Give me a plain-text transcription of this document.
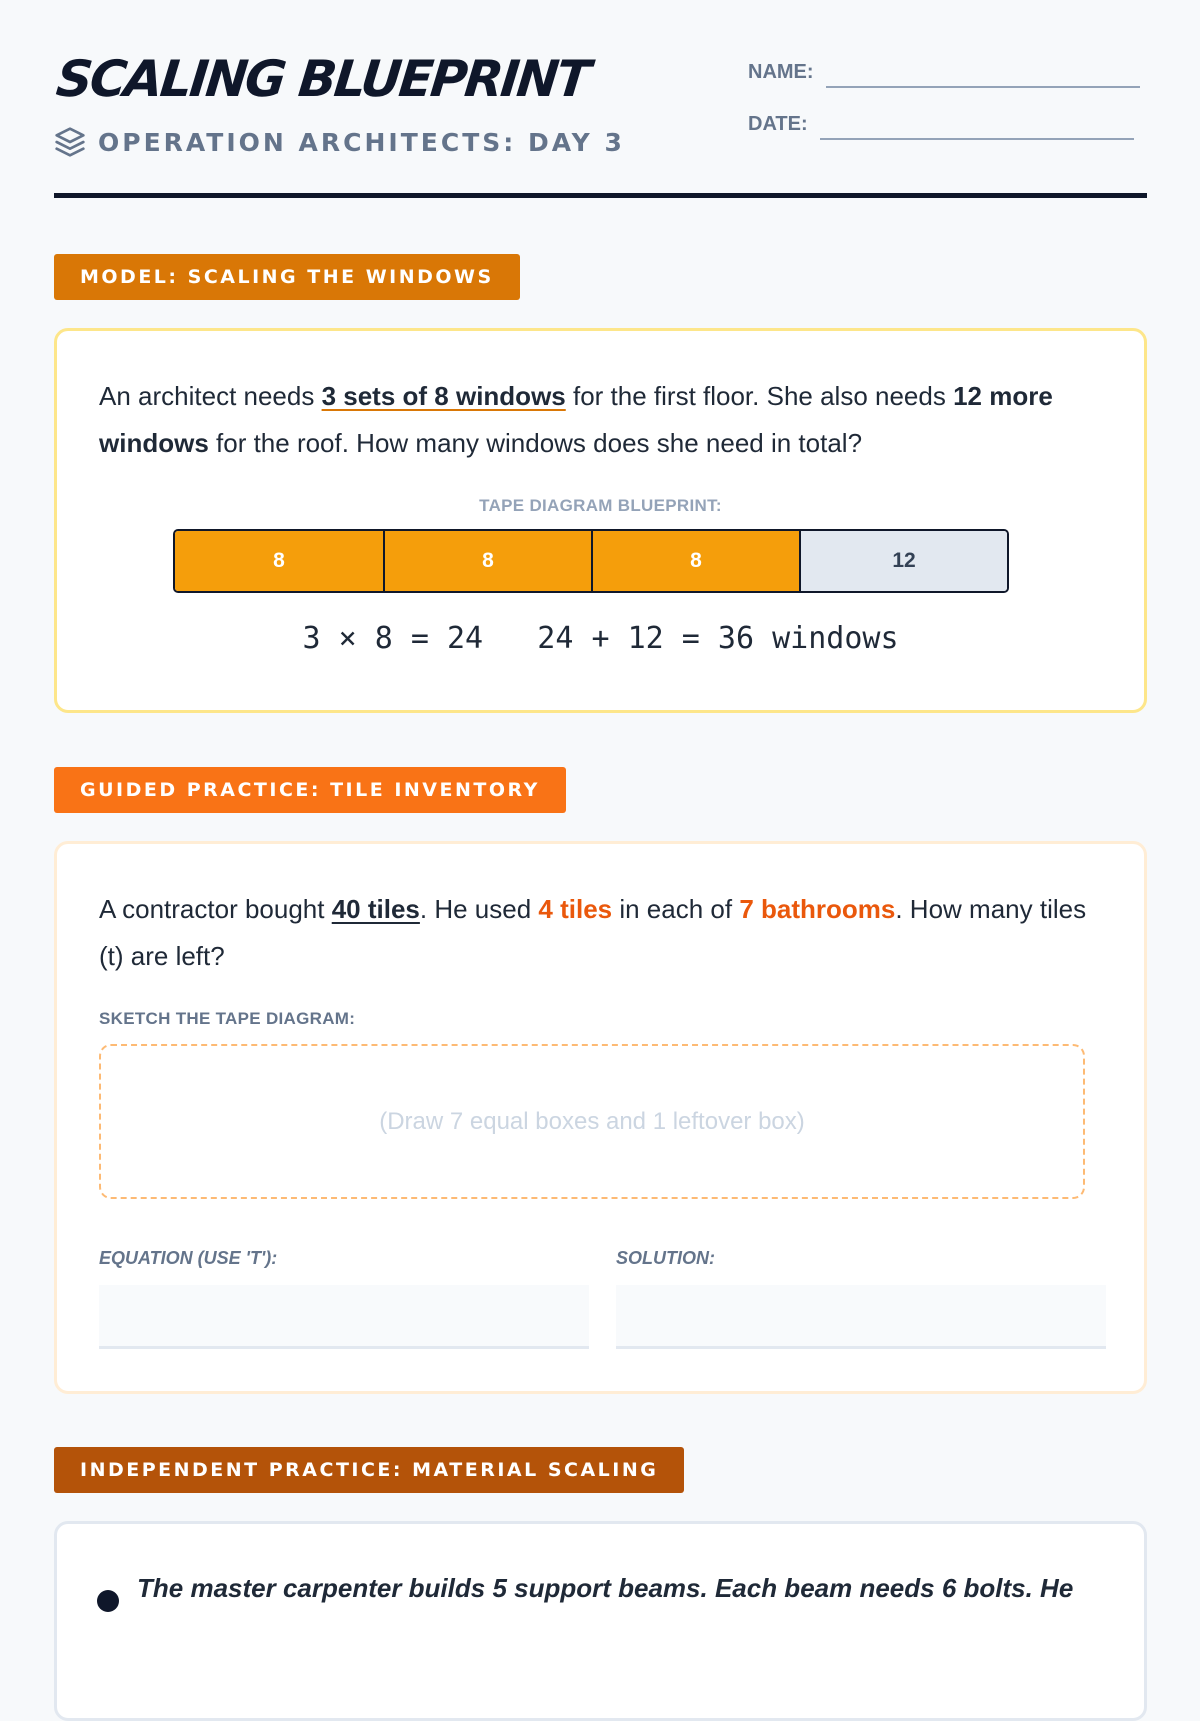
SCALING BLUEPRINT
OPERATION ARCHITECTS: DAY 3
NAME:
DATE:
MODEL: SCALING THE WINDOWS
An architect needs 3 sets of 8 windows for the first floor. She also needs 12 more windows for the roof. How many windows does she need in total?
TAPE DIAGRAM BLUEPRINT:
8	8	8	12
3 × 8 = 24   24 + 12 = 36 windows
GUIDED PRACTICE: TILE INVENTORY
A contractor bought 40 tiles. He used 4 tiles in each of 7 bathrooms. How many tiles (t) are left?
SKETCH THE TAPE DIAGRAM:
(Draw 7 equal boxes and 1 leftover box)
EQUATION (USE 'T'):	SOLUTION:
INDEPENDENT PRACTICE: MATERIAL SCALING
The master carpenter builds 5 support beams. Each beam needs 6 bolts. He
